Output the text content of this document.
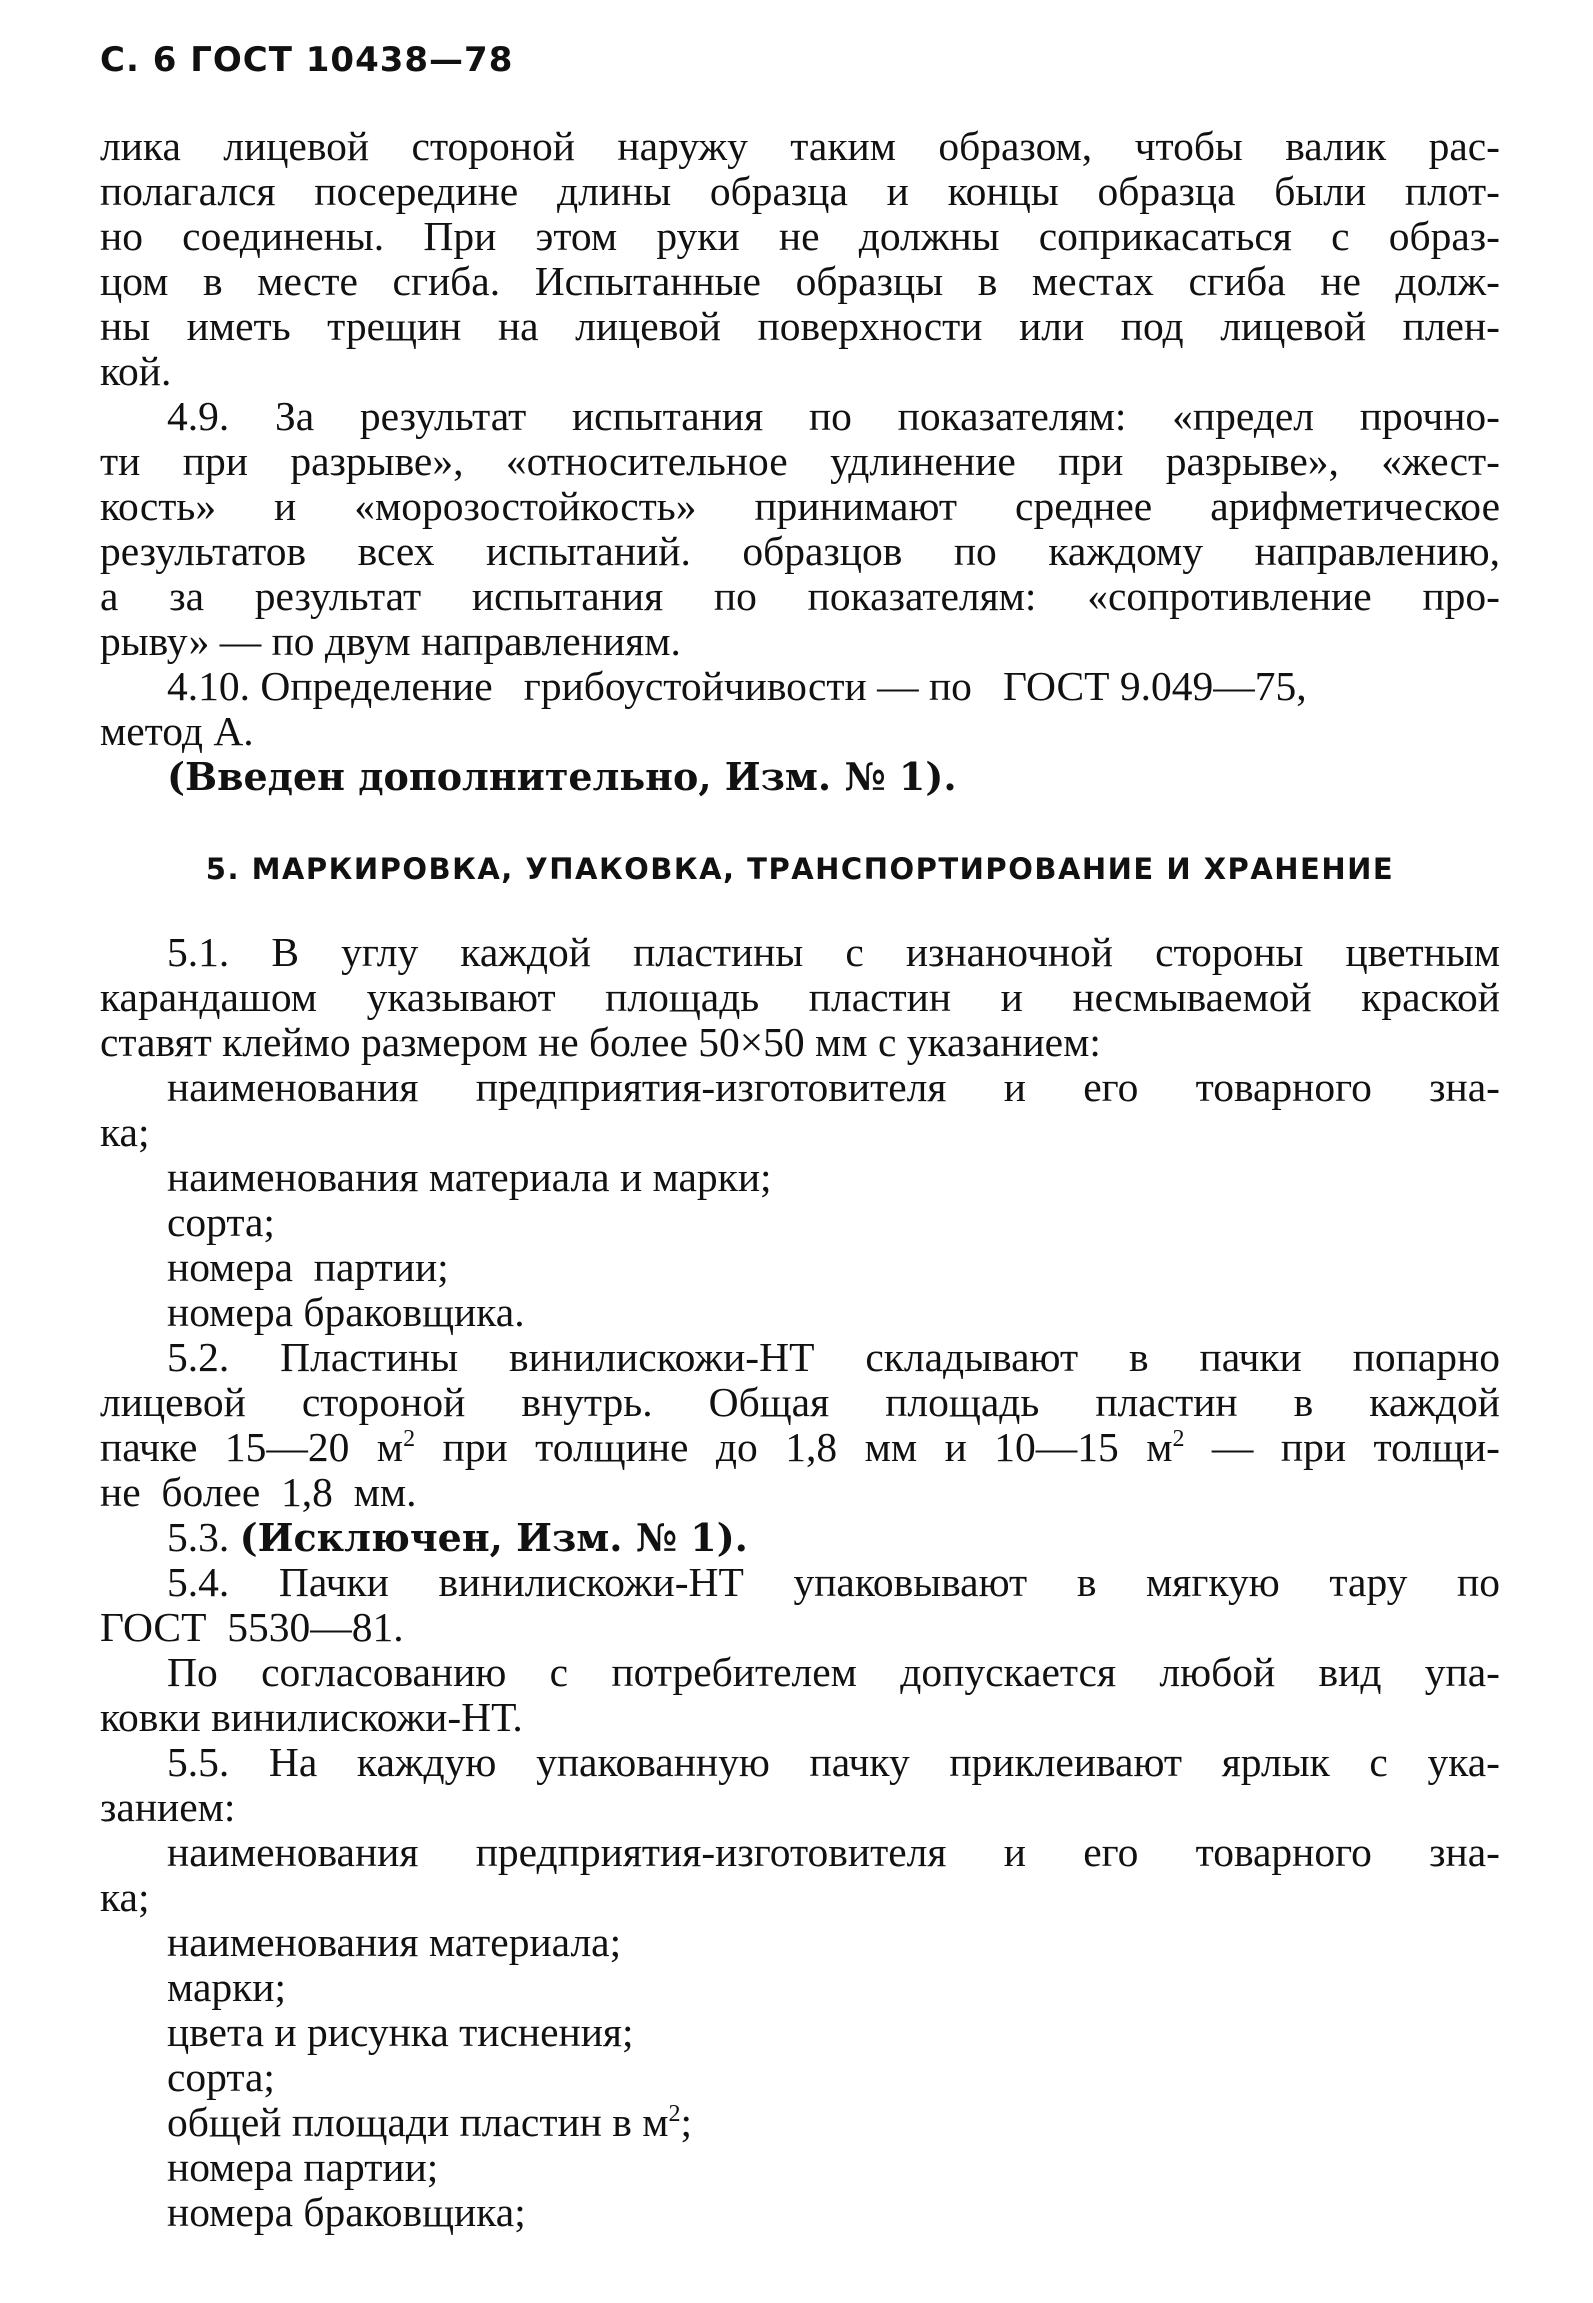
С. 6 ГОСТ 10438—78
лика лицевой стороной наружу таким образом, чтобы валик рас-
полагался посередине длины образца и концы образца были плот-
но соединены. При этом руки не должны соприкасаться с образ-
цом в месте сгиба. Испытанные образцы в местах сгиба не долж-
ны иметь трещин на лицевой поверхности или под лицевой плен-
кой.
4.9. За результат испытания по показателям: «предел прочно-
ти при разрыве», «относительное удлинение при разрыве», «жест-
кость» и «морозостойкость» принимают среднее арифметическое
результатов всех испытаний. образцов по каждому направлению,
а за результат испытания по показателям: «сопротивление про-
рыву» — по двум направлениям.
4.10. Определение   грибоустойчивости — по   ГОСТ 9.049—75,
метод А.
(Введен дополнительно, Изм. № 1).
5. МАРКИРОВКА, УПАКОВКА, ТРАНСПОРТИРОВАНИЕ И ХРАНЕНИЕ
5.1. В углу каждой пластины с изнаночной стороны цветным
карандашом указывают площадь пластин и несмываемой краской
ставят клеймо размером не более 50×50 мм с указанием:
наименования предприятия-изготовителя и его товарного зна-
ка;
наименования материала и марки;
сорта;
номера  партии;
номера браковщика.
5.2. Пластины винилискожи-НТ складывают в пачки попарно
лицевой стороной внутрь. Общая площадь пластин в каждой
пачке 15—20 $м^2$ при толщине до 1,8 мм и 10—15 $м^2$ — при толщи-
не  более  1,8  мм.
5.3. (Исключен, Изм. № 1).
5.4. Пачки винилискожи-НТ упаковывают в мягкую тару по
ГОСТ  5530—81.
По согласованию с потребителем допускается любой вид упа-
ковки винилискожи-НТ.
5.5. На каждую упакованную пачку приклеивают ярлык с ука-
занием:
наименования предприятия-изготовителя и его товарного зна-
ка;
наименования материала;
марки;
цвета и рисунка тиснения;
сорта;
общей площади пластин в $м^2$;
номера партии;
номера браковщика;
